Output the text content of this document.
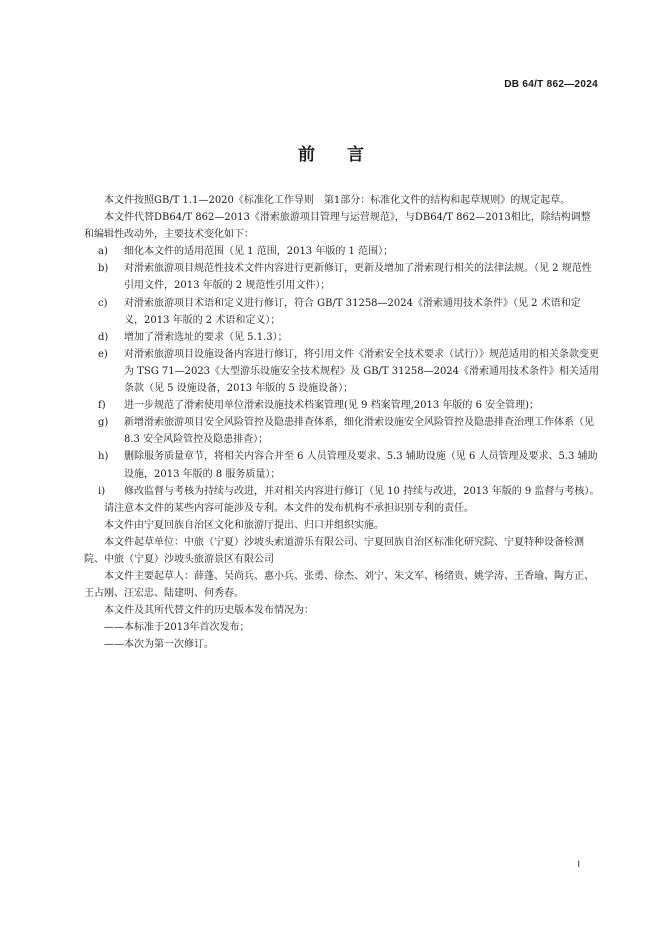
DB 64/T 862—2024
前言

本文件按照GB/T 1.1—2020《标准化工作导则　第1部分：标准化文件的结构和起草规则》的规定起草。

本文件代替DB64/T 862—2013《滑索旅游项目管理与运营规范》，与DB64/T 862—2013相比，除结构调整和编辑性改动外，主要技术变化如下：

a) 细化本文件的适用范围（见 1 范围，2013 年版的 1 范围）；
b) 对滑索旅游项目规范性技术文件内容进行更新修订，更新及增加了滑索现行相关的法律法规。（见 2 规范性引用文件，2013 年版的 2 规范性引用文件）；
c) 对滑索旅游项目术语和定义进行修订，符合 GB/T 31258—2024《滑索通用技术条件》（见 2 术语和定义，2013 年版的 2 术语和定义）；
d) 增加了滑索选址的要求（见 5.1.3）；
e) 对滑索旅游项目设施设备内容进行修订，将引用文件《滑索安全技术要求（试行）》规范适用的相关条款变更为 TSG 71—2023《大型游乐设施安全技术规程》及 GB/T 31258—2024《滑索通用技术条件》相关适用条款（见 5 设施设备，2013 年版的 5 设施设备）；
f) 进一步规范了滑索使用单位滑索设施技术档案管理(见 9 档案管理,2013 年版的 6 安全管理)；
g) 新增滑索旅游项目安全风险管控及隐患排查体系，细化滑索设施安全风险管控及隐患排查治理工作体系（见 8.3 安全风险管控及隐患排查）；
h) 删除服务质量章节，将相关内容合并至 6 人员管理及要求、5.3 辅助设施（见 6 人员管理及要求、5.3 辅助设施，2013 年版的 8 服务质量）；
i) 修改监督与考核为持续与改进，并对相关内容进行修订（见 10 持续与改进，2013 年版的 9 监督与考核）。

请注意本文件的某些内容可能涉及专利。本文件的发布机构不承担识别专利的责任。

本文件由宁夏回族自治区文化和旅游厅提出、归口并组织实施。

本文件起草单位：中旅（宁夏）沙坡头索道游乐有限公司、宁夏回族自治区标准化研究院、宁夏特种设备检测院、中旅（宁夏）沙坡头旅游景区有限公司

本文件主要起草人：薛蓬、吴尚兵、惠小兵、张勇、徐杰、刘宁、朱文军、杨绪贵、姚学涛、王香瑜、陶方正、王占刚、汪宏忠、陆建明、何秀春。

本文件及其所代替文件的历史版本发布情况为：

——本标准于2013年首次发布；

——本次为第一次修订。

I
